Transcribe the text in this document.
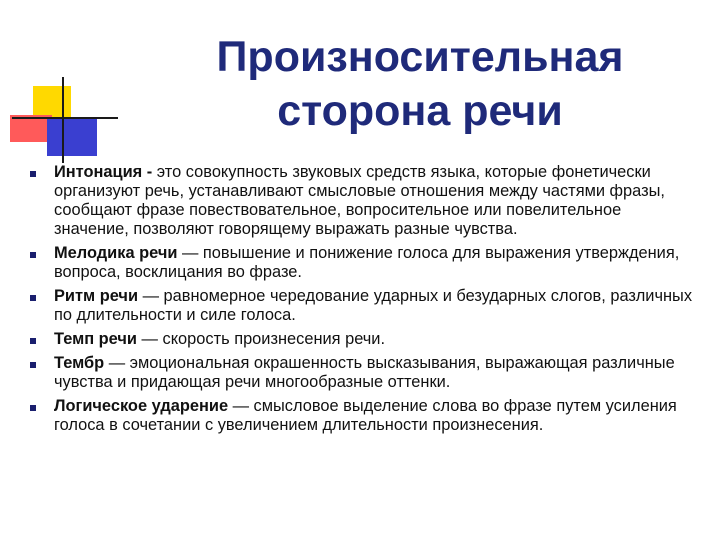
Произносительная
сторона речи
Интонация - это совокупность звуковых средств языка, которые фонетически организуют речь, устанавливают смысловые отношения между частями фразы, сообщают фразе повествовательное, вопросительное или повелительное значение, позволяют говорящему выражать разные чувства.
Мелодика речи — повышение и понижение голоса для выражения утверждения, вопроса, восклицания во фразе.
Ритм речи — равномерное чередование ударных и безударных слогов, различных по длительности и силе голоса.
Темп речи — скорость произнесения речи.
Тембр — эмоциональная окрашенность высказывания, выражающая различные чувства и придающая речи многообразные оттенки.
Логическое ударение — смысловое выделение слова во фразе путем усиления голоса в сочетании с увеличением длительности произнесения.
